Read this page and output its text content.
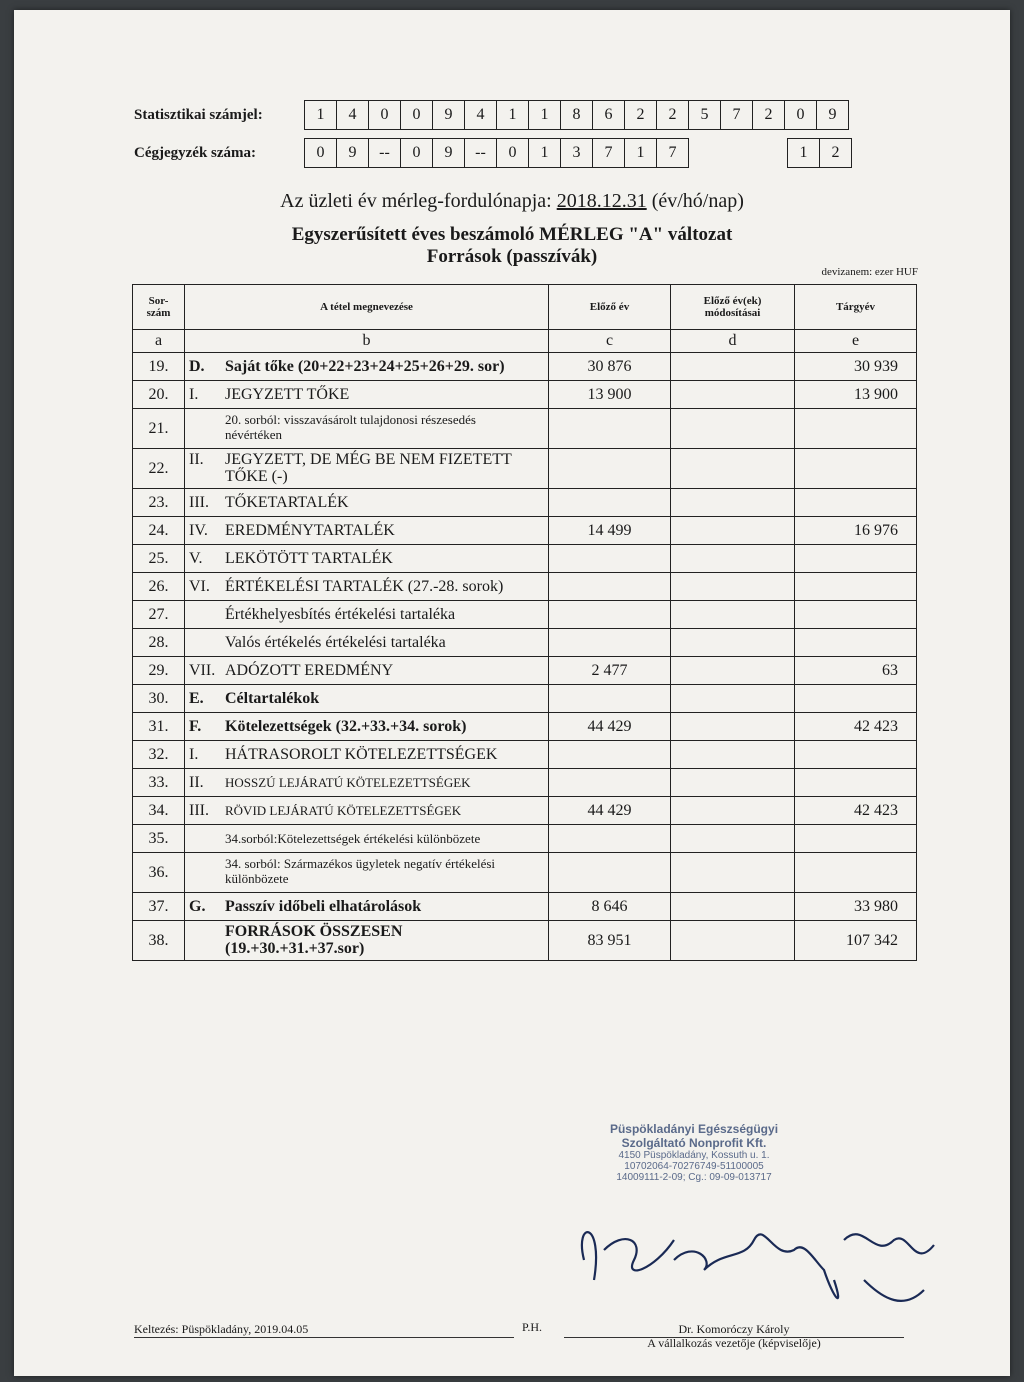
Statisztikai számjel:	1	4	0	0	9	4	1	1	8	6	2	2	5	7	2	0	9
Cégjegyzék száma:	0	9	--	0	9	--	0	1	3	7	1	7	1	2
Az üzleti év mérleg-fordulónapja: 2018.12.31 (év/hó/nap)
Egyszerűsített éves beszámoló MÉRLEG "A" változat
Források (passzívák)
devizanem: ezer HUF
Sor-szám	A tétel megnevezése	Előző év	Előző év(ek) módosításai	Tárgyév
a	b	c	d	e
19.	D. Saját tőke (20+22+23+24+25+26+29. sor)	30 876		30 939
20.	I. JEGYZETT TŐKE	13 900		13 900
21.	20. sorból: visszavásárolt tulajdonosi részesedés névértéken			
22.	II. JEGYZETT, DE MÉG BE NEM FIZETETT TŐKE (-)			
23.	III. TŐKETARTALÉK			
24.	IV. EREDMÉNYTARTALÉK	14 499		16 976
25.	V. LEKÖTÖTT TARTALÉK			
26.	VI. ÉRTÉKELÉSI TARTALÉK (27.-28. sorok)			
27.	Értékhelyesbítés értékelési tartaléka			
28.	Valós értékelés értékelési tartaléka			
29.	VII. ADÓZOTT EREDMÉNY	2 477		63
30.	E. Céltartalékok			
31.	F. Kötelezettségek (32.+33.+34. sorok)	44 429		42 423
32.	I. HÁTRASOROLT KÖTELEZETTSÉGEK			
33.	II. HOSSZÚ LEJÁRATÚ KÖTELEZETTSÉGEK			
34.	III. RÖVID LEJÁRATÚ KÖTELEZETTSÉGEK	44 429		42 423
35.	34.sorból:Kötelezettségek értékelési különbözete			
36.	34. sorból: Származékos ügyletek negatív értékelési különbözete			
37.	G. Passzív időbeli elhatárolások	8 646		33 980
38.	FORRÁSOK ÖSSZESEN (19.+30.+31.+37.sor)	83 951		107 342
Püspökladányi Egészségügyi
Szolgáltató Nonprofit Kft.
4150 Püspökladány, Kossuth u. 1.
10702064-70276749-51100005
14009111-2-09; Cg.: 09-09-013717
Keltezés: Püspökladány, 2019.04.05	P.H.	Dr. Komoróczy Károly
A vállalkozás vezetője (képviselője)
